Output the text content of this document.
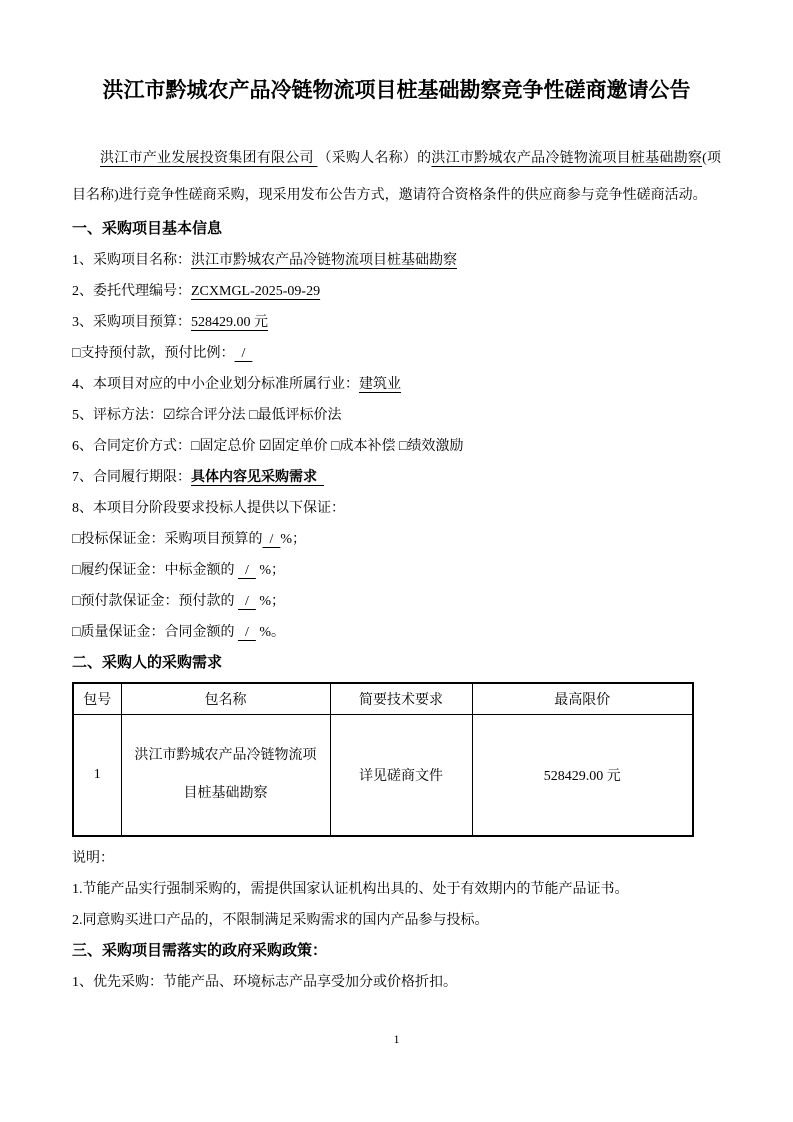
洪江市黔城农产品冷链物流项目桩基础勘察竞争性磋商邀请公告

洪江市产业发展投资集团有限公司 （采购人名称）的洪江市黔城农产品冷链物流项目桩基础勘察(项目名称)进行竞争性磋商采购，现采用发布公告方式，邀请符合资格条件的供应商参与竞争性磋商活动。

一、采购项目基本信息
1、采购项目名称：洪江市黔城农产品冷链物流项目桩基础勘察
2、委托代理编号：ZCXMGL-2025-09-29
3、采购项目预算：528429.00 元
□支持预付款，预付比例：  /
4、本项目对应的中小企业划分标准所属行业：建筑业
5、评标方法：☑综合评分法 □最低评标价法
6、合同定价方式：□固定总价 ☑固定单价 □成本补偿 □绩效激励
7、合同履行期限：具体内容见采购需求
8、本项目分阶段要求投标人提供以下保证：
□投标保证金：采购项目预算的  /  %；
□履约保证金：中标金额的   /   %；
□预付款保证金：预付款的   /   %；
□质量保证金：合同金额的   /   %。
二、采购人的采购需求
包号	包名称	简要技术要求	最高限价
1	洪江市黔城农产品冷链物流项目桩基础勘察	详见磋商文件	528429.00 元
说明：
1.节能产品实行强制采购的，需提供国家认证机构出具的、处于有效期内的节能产品证书。
2.同意购买进口产品的，不限制满足采购需求的国内产品参与投标。
三、采购项目需落实的政府采购政策：
1、优先采购：节能产品、环境标志产品享受加分或价格折扣。
1
